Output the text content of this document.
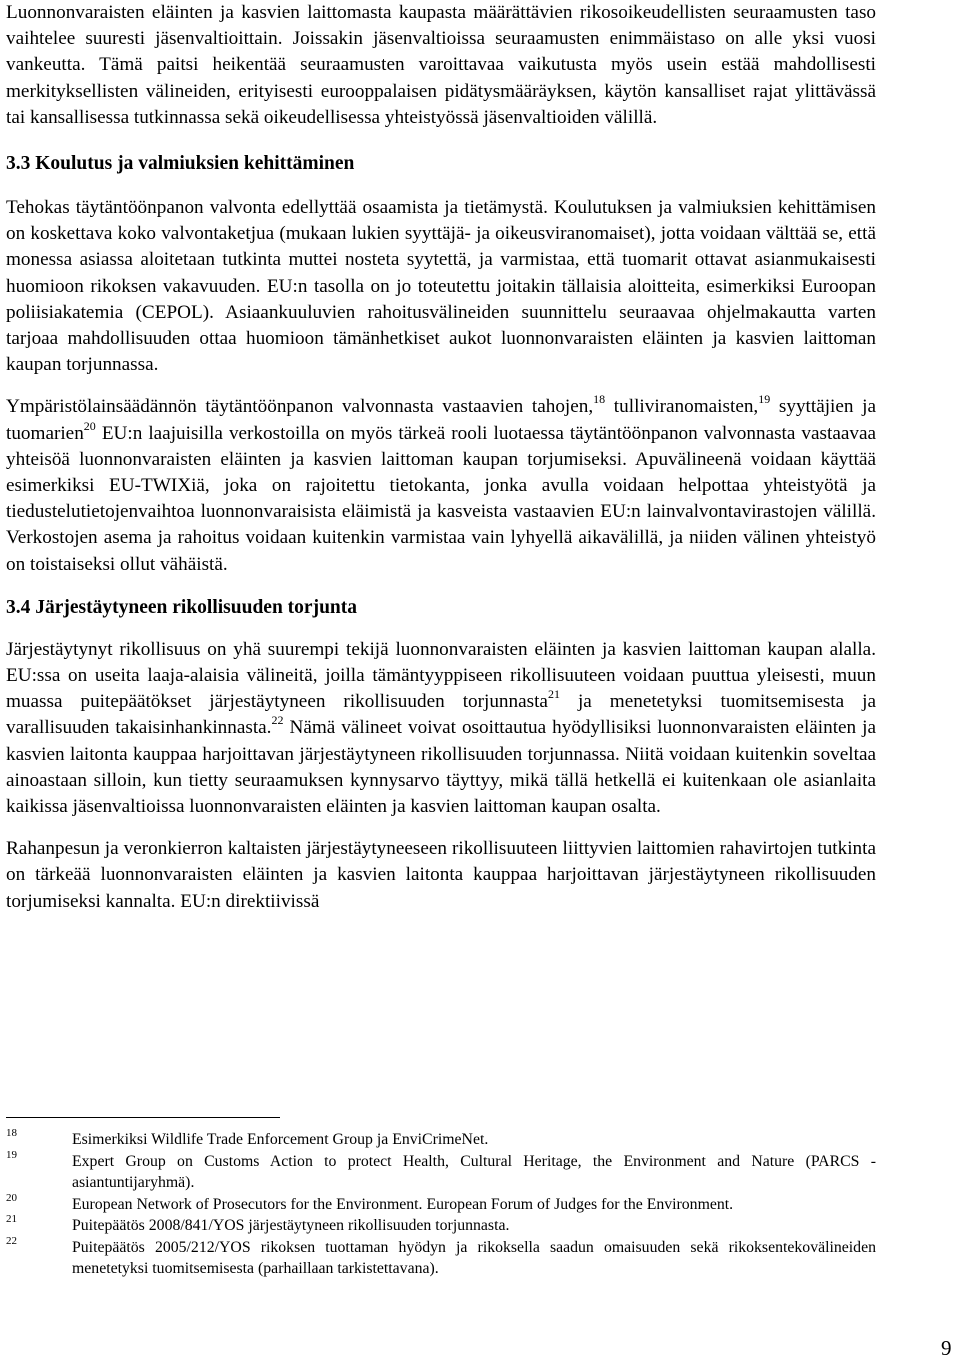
Luonnonvaraisten eläinten ja kasvien laittomasta kaupasta määrättävien rikosoikeudellisten seuraamusten taso vaihtelee suuresti jäsenvaltioittain. Joissakin jäsenvaltioissa seuraamusten enimmäistaso on alle yksi vuosi vankeutta. Tämä paitsi heikentää seuraamusten varoittavaa vaikutusta myös usein estää mahdollisesti merkityksellisten välineiden, erityisesti eurooppalaisen pidätysmääräyksen, käytön kansalliset rajat ylittävässä tai kansallisessa tutkinnassa sekä oikeudellisessa yhteistyössä jäsenvaltioiden välillä.

3.3 Koulutus ja valmiuksien kehittäminen

Tehokas täytäntöönpanon valvonta edellyttää osaamista ja tietämystä. Koulutuksen ja valmiuksien kehittämisen on koskettava koko valvontaketjua (mukaan lukien syyttäjä- ja oikeusviranomaiset), jotta voidaan välttää se, että monessa asiassa aloitetaan tutkinta muttei nosteta syytettä, ja varmistaa, että tuomarit ottavat asianmukaisesti huomioon rikoksen vakavuuden. EU:n tasolla on jo toteutettu joitakin tällaisia aloitteita, esimerkiksi Euroopan poliisiakatemia (CEPOL). Asiaankuuluvien rahoitusvälineiden suunnittelu seuraavaa ohjelmakautta varten tarjoaa mahdollisuuden ottaa huomioon tämänhetkiset aukot luonnonvaraisten eläinten ja kasvien laittoman kaupan torjunnassa.

Ympäristölainsäädännön täytäntöönpanon valvonnasta vastaavien tahojen,$^{18}$ tulliviranomaisten,$^{19}$ syyttäjien ja tuomarien$^{20}$ EU:n laajuisilla verkostoilla on myös tärkeä rooli luotaessa täytäntöönpanon valvonnasta vastaavaa yhteisöä luonnonvaraisten eläinten ja kasvien laittoman kaupan torjumiseksi. Apuvälineenä voidaan käyttää esimerkiksi EU-TWIXiä, joka on rajoitettu tietokanta, jonka avulla voidaan helpottaa yhteistyötä ja tiedustelutietojenvaihtoa luonnonvaraisista eläimistä ja kasveista vastaavien EU:n lainvalvontavirastojen välillä. Verkostojen asema ja rahoitus voidaan kuitenkin varmistaa vain lyhyellä aikavälillä, ja niiden välinen yhteistyö on toistaiseksi ollut vähäistä.

3.4 Järjestäytyneen rikollisuuden torjunta

Järjestäytynyt rikollisuus on yhä suurempi tekijä luonnonvaraisten eläinten ja kasvien laittoman kaupan alalla. EU:ssa on useita laaja-alaisia välineitä, joilla tämäntyyppiseen rikollisuuteen voidaan puuttua yleisesti, muun muassa puitepäätökset järjestäytyneen rikollisuuden torjunnasta$^{21}$ ja menetetyksi tuomitsemisesta ja varallisuuden takaisinhankinnasta.$^{22}$ Nämä välineet voivat osoittautua hyödyllisiksi luonnonvaraisten eläinten ja kasvien laitonta kauppaa harjoittavan järjestäytyneen rikollisuuden torjunnassa. Niitä voidaan kuitenkin soveltaa ainoastaan silloin, kun tietty seuraamuksen kynnysarvo täyttyy, mikä tällä hetkellä ei kuitenkaan ole asianlaita kaikissa jäsenvaltioissa luonnonvaraisten eläinten ja kasvien laittoman kaupan osalta.

Rahanpesun ja veronkierron kaltaisten järjestäytyneeseen rikollisuuteen liittyvien laittomien rahavirtojen tutkinta on tärkeää luonnonvaraisten eläinten ja kasvien laitonta kauppaa harjoittavan järjestäytyneen rikollisuuden torjumiseksi kannalta. EU:n direktiivissä

18	Esimerkiksi Wildlife Trade Enforcement Group ja EnviCrimeNet.
19	Expert Group on Customs Action to protect Health, Cultural Heritage, the Environment and Nature (PARCS -asiantuntijaryhmä).
20	European Network of Prosecutors for the Environment. European Forum of Judges for the Environment.
21	Puitepäätös 2008/841/YOS järjestäytyneen rikollisuuden torjunnasta.
22	Puitepäätös 2005/212/YOS rikoksen tuottaman hyödyn ja rikoksella saadun omaisuuden sekä rikoksentekovälineiden menetetyksi tuomitsemisesta (parhaillaan tarkistettavana).
9
